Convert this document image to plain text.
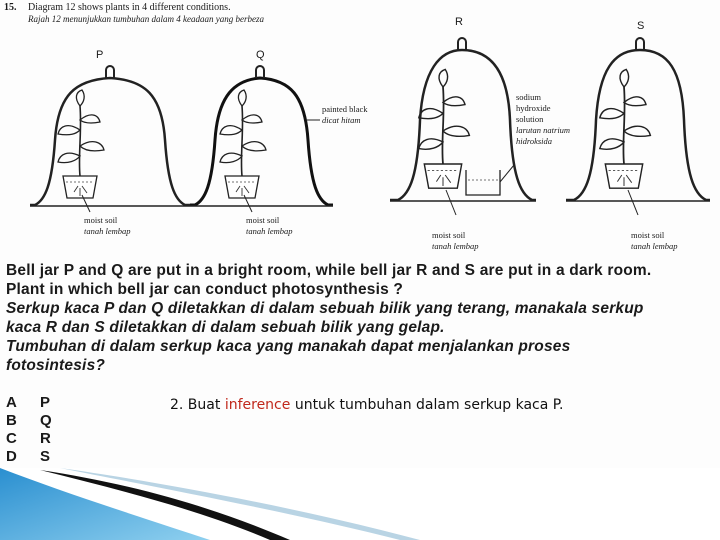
15. Diagram 12 shows plants in 4 different conditions.
Rajah 12 menunjukkan tumbuhan dalam 4 keadaan yang berbeza
P	Q
R	S
painted black
dicat hitam
sodium
hydroxide
solution
larutan natrium
hidroksida
moist soil
tanah lembap
moist soil
tanah lembap	moist soil
tanah lembap
moist soil
tanah lembap
Bell jar P and Q are put in a bright room, while bell jar R and S are put in a dark room.
Plant in which bell jar can conduct photosynthesis ?
Serkup kaca P dan Q diletakkan di dalam sebuah bilik yang terang, manakala serkup
kaca R dan S diletakkan di dalam sebuah bilik yang gelap.
Tumbuhan di dalam serkup kaca yang manakah dapat menjalankan proses
fotosintesis?
A P
B Q
C R
D S
2. Buat inference untuk tumbuhan dalam serkup kaca P.
